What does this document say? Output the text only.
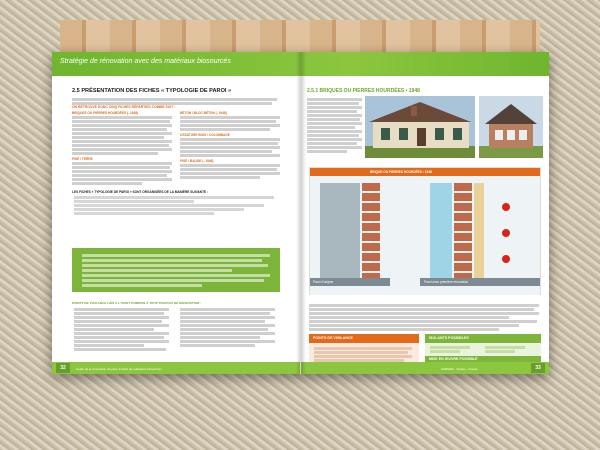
2.5 PRÉSENTATION DES FICHES « TYPOLOGIE DE PAROI »
ON RETROUVE DONC CINQ FICHES RÉPARTIES COMME SUIT :
BRIQUES OU PIERRES HOURDÉES (- 1948)
PISÉ / TERRE
BÉTON / BLOC BÉTON (- 1948)
OSSATURE BOIS / COLOMBAGE
PISÉ / BAUGE (- 1948)
LES FICHES « TYPOLOGIE DE PAROI » SONT ORGANISÉES DE LA MANIÈRE SUIVANTE :
POINTS DE VIGILANCE LIÉS À L'AUDIT COMMUN À TOUS TRAVAUX DE RÉNOVATION :
32	Guide de la rénovation de paroi à l'aide de matériaux biosourcés
2.5.1 BRIQUES OU PIERRES HOURDÉES • 1948
BRIQUE OU PIERRES HOURDÉES • 1948
Paroi d'origine	Paroi avec première rénovation
POINTS DE VIGILANCE	ISOLANTS POSSIBLES
MISE EN ŒUVRE POSSIBLE
CEREMA - Guides - France	33
Stratégie de rénovation avec des matériaux biosourcés
